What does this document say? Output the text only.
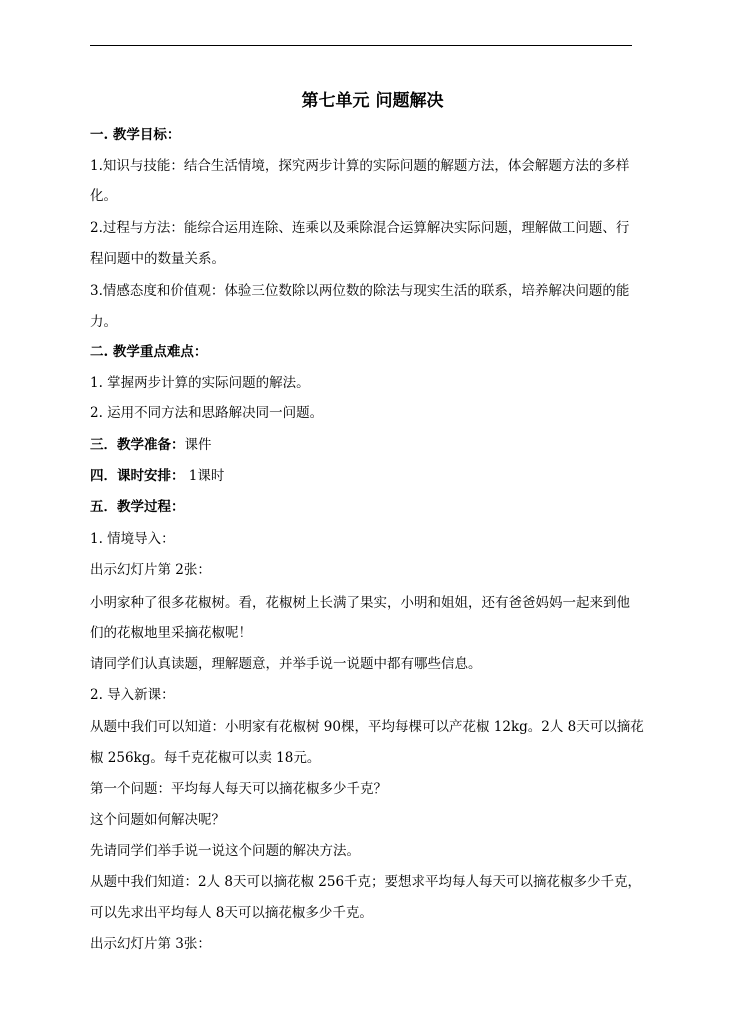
第七单元 问题解决
一. 教学目标：
1.知识与技能：结合生活情境，探究两步计算的实际问题的解题方法，体会解题方法的多样
化。
2.过程与方法：能综合运用连除、连乘以及乘除混合运算解决实际问题，理解做工问题、行
程问题中的数量关系。
3.情感态度和价值观：体验三位数除以两位数的除法与现实生活的联系，培养解决问题的能
力。
二. 教学重点难点：
1. 掌握两步计算的实际问题的解法。
2. 运用不同方法和思路解决同一问题。
三．教学准备：课件
四．课时安排： 1课时
五．教学过程：
1. 情境导入：
出示幻灯片第 2张：
小明家种了很多花椒树。看，花椒树上长满了果实，小明和姐姐，还有爸爸妈妈一起来到他
们的花椒地里采摘花椒呢！
请同学们认真读题，理解题意，并举手说一说题中都有哪些信息。
2. 导入新课：
从题中我们可以知道：小明家有花椒树 90棵，平均每棵可以产花椒 12kg。2人 8天可以摘花
椒 256kg。每千克花椒可以卖 18元。
第一个问题：平均每人每天可以摘花椒多少千克？
这个问题如何解决呢？
先请同学们举手说一说这个问题的解决方法。
从题中我们知道：2人 8天可以摘花椒 256千克；要想求平均每人每天可以摘花椒多少千克，
可以先求出平均每人 8天可以摘花椒多少千克。
出示幻灯片第 3张：
